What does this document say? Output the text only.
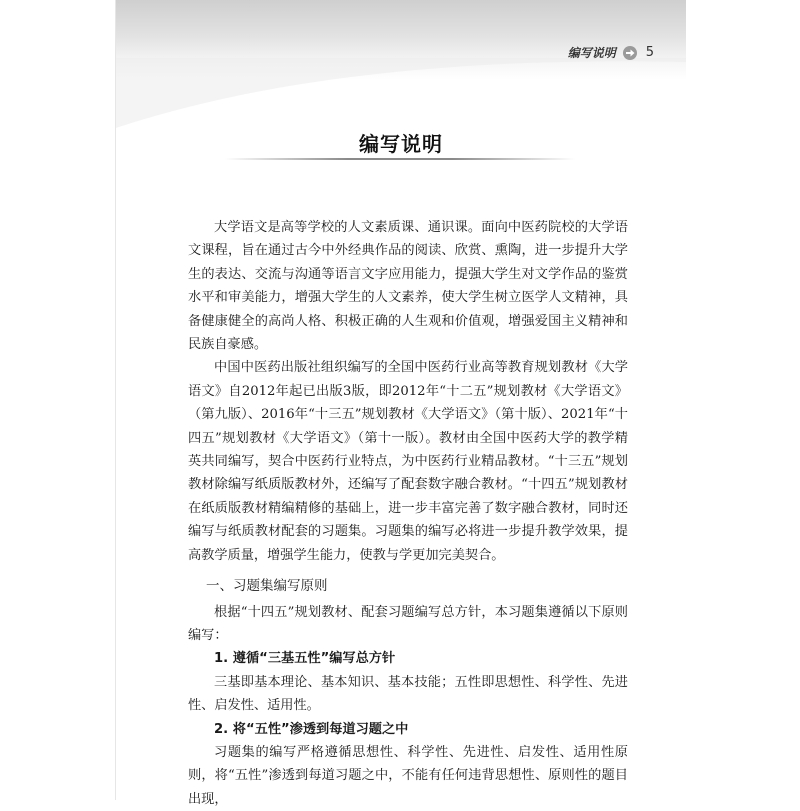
编写说明 5
编写说明

大学语文是高等学校的人文素质课、通识课。面向中医药院校的大学语文课程，旨在通过古今中外经典作品的阅读、欣赏、熏陶，进一步提升大学生的表达、交流与沟通等语言文字应用能力，提强大学生对文学作品的鉴赏水平和审美能力，增强大学生的人文素养，使大学生树立医学人文精神，具备健康健全的高尚人格、积极正确的人生观和价值观，增强爱国主义精神和民族自豪感。

中国中医药出版社组织编写的全国中医药行业高等教育规划教材《大学语文》自2012年起已出版3版，即2012年“十二五”规划教材《大学语文》（第九版）、2016年“十三五”规划教材《大学语文》（第十版）、2021年“十四五”规划教材《大学语文》（第十一版）。教材由全国中医药大学的教学精英共同编写，契合中医药行业特点，为中医药行业精品教材。“十三五”规划教材除编写纸质版教材外，还编写了配套数字融合教材。“十四五”规划教材在纸质版教材精编精修的基础上，进一步丰富完善了数字融合教材，同时还编写与纸质教材配套的习题集。习题集的编写必将进一步提升教学效果，提高教学质量，增强学生能力，使教与学更加完美契合。

一、习题集编写原则

根据“十四五”规划教材、配套习题编写总方针，本习题集遵循以下原则编写：

1. 遵循“三基五性”编写总方针

三基即基本理论、基本知识、基本技能；五性即思想性、科学性、先进性、启发性、适用性。

2. 将“五性”渗透到每道习题之中

习题集的编写严格遵循思想性、科学性、先进性、启发性、适用性原则，将“五性”渗透到每道习题之中，不能有任何违背思想性、原则性的题目出现，
